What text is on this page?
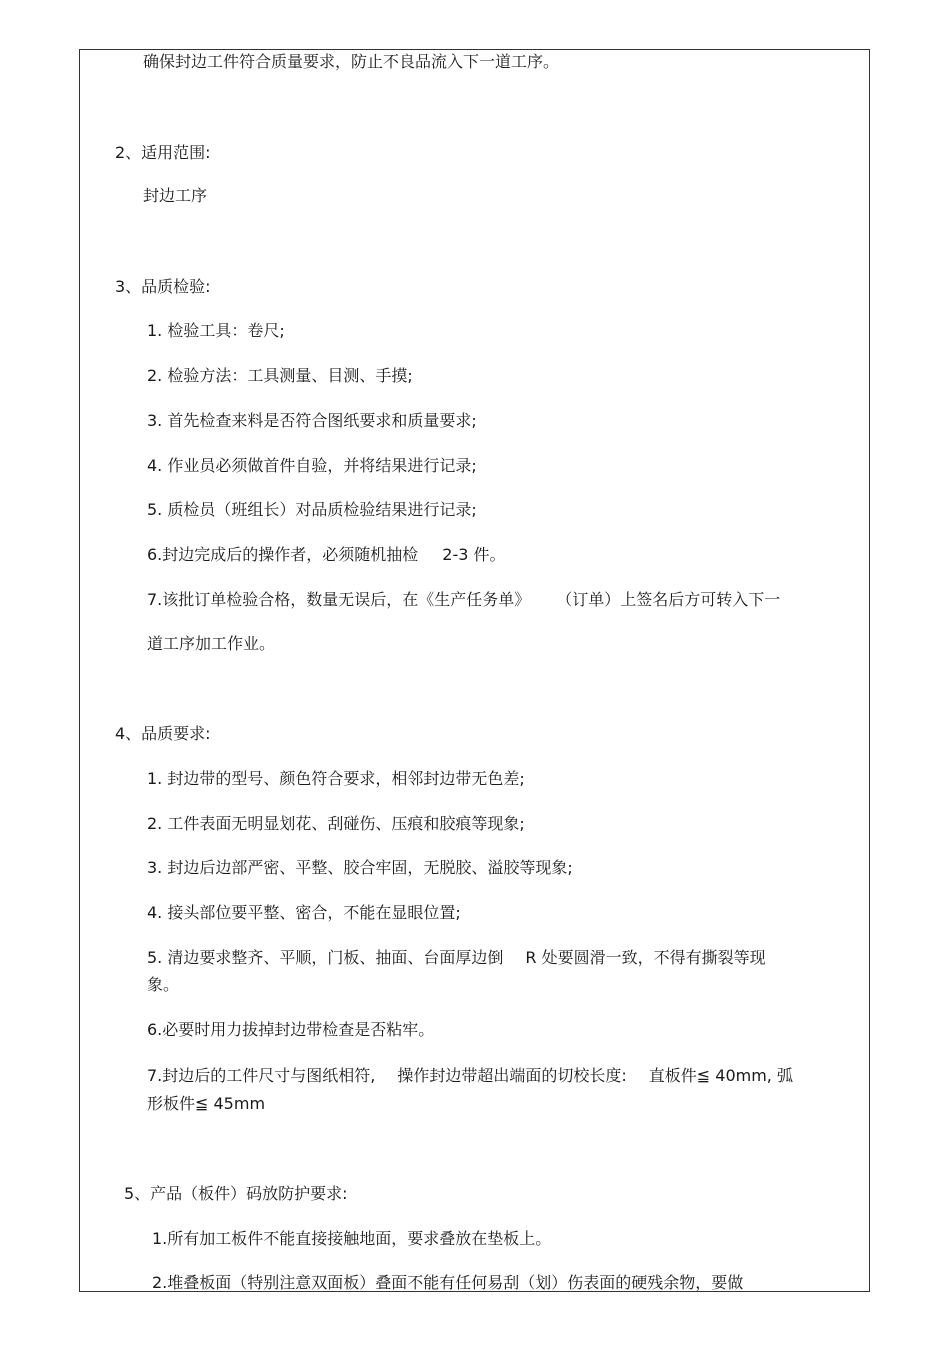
确保封边工件符合质量要求，防止不良品流入下一道工序。
2、适用范围:
封边工序
3、品质检验:
1. 检验工具：卷尺;
2. 检验方法：工具测量、目测、手摸;
3. 首先检查来料是否符合图纸要求和质量要求;
4. 作业员必须做首件自验，并将结果进行记录;
5. 质检员（班组长）对品质检验结果进行记录;
6.封边完成后的操作者，必须随机抽检 2-3 件。
7.该批订单检验合格，数量无误后，在《生产任务单》 （订单）上签名后方可转入下一
道工序加工作业。
4、品质要求:
1. 封边带的型号、颜色符合要求，相邻封边带无色差;
2. 工件表面无明显划花、刮碰伤、压痕和胶痕等现象;
3. 封边后边部严密、平整、胶合牢固，无脱胶、溢胶等现象;
4. 接头部位要平整、密合，不能在显眼位置;
5. 清边要求整齐、平顺，门板、抽面、台面厚边倒 R 处要圆滑一致，不得有撕裂等现
象。
6.必要时用力拔掉封边带检查是否粘牢。
7.封边后的工件尺寸与图纸相符, 操作封边带超出端面的切校长度: 直板件≦ 40mm, 弧
形板件≦ 45mm
5、产品（板件）码放防护要求:
1.所有加工板件不能直接接触地面，要求叠放在垫板上。
2.堆叠板面（特别注意双面板）叠面不能有任何易刮（划）伤表面的硬残余物，要做
